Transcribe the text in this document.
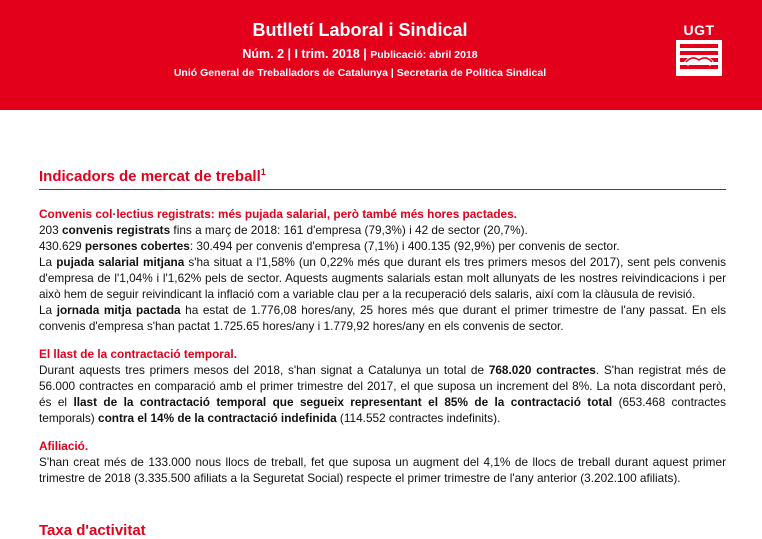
Butlletí Laboral i Sindical
Núm. 2 | I trim. 2018 | Publicació: abril 2018
Unió General de Treballadors de Catalunya | Secretaria de Política Sindical
UGT
Indicadors de mercat de treball$^1$

Convenis col·lectius registrats: més pujada salarial, però també més hores pactades.

203 convenis registrats fins a març de 2018: 161 d'empresa (79,3%) i 42 de sector (20,7%).

430.629 persones cobertes: 30.494 per convenis d'empresa (7,1%) i 400.135 (92,9%) per convenis de sector.

La pujada salarial mitjana s'ha situat a l'1,58% (un 0,22% més que durant els tres primers mesos del 2017), sent pels convenis d'empresa de l'1,04% i l'1,62% pels de sector. Aquests augments salarials estan molt allunyats de les nostres reivindicacions i per això hem de seguir reivindicant la inflació com a variable clau per a la recuperació dels salaris, així com la clàusula de revisió.

La jornada mitja pactada ha estat de 1.776,08 hores/any, 25 hores més que durant el primer trimestre de l'any passat. En els convenis d'empresa s'han pactat 1.725.65 hores/any i 1.779,92 hores/any en els convenis de sector.

El llast de la contractació temporal.

Durant aquests tres primers mesos del 2018, s'han signat a Catalunya un total de 768.020 contractes. S'han registrat més de 56.000 contractes en comparació amb el primer trimestre del 2017, el que suposa un increment del 8%. La nota discordant però, és el llast de la contractació temporal que segueix representant el 85% de la contractació total (653.468 contractes temporals) contra el 14% de la contractació indefinida (114.552 contractes indefinits).

Afiliació.

S'han creat més de 133.000 nous llocs de treball, fet que suposa un augment del 4,1% de llocs de treball durant aquest primer trimestre de 2018 (3.335.500 afiliats a la Seguretat Social) respecte el primer trimestre de l'any anterior (3.202.100 afiliats).

Taxa d'activitat
